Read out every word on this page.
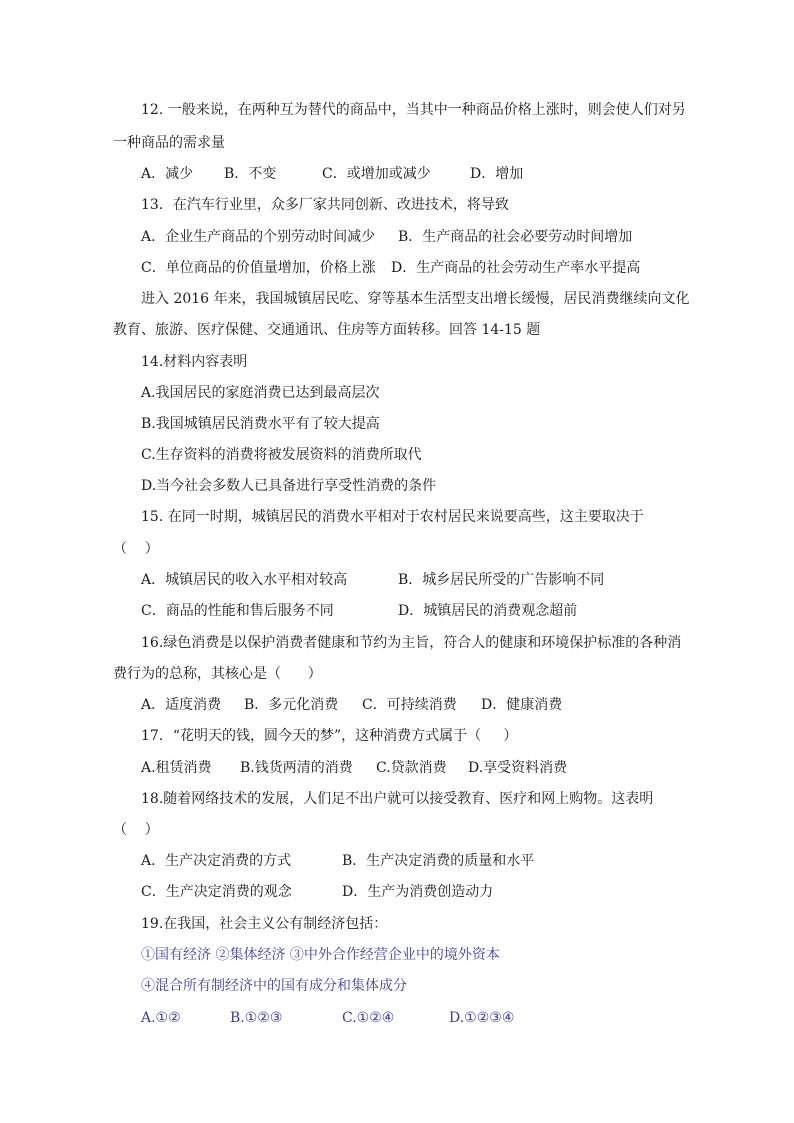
12. 一般来说，在两种互为替代的商品中，当其中一种商品价格上涨时，则会使人们对另
一种商品的需求量
A．减少 B．不变	C．或增加或减少	D．增加
13．在汽车行业里，众多厂家共同创新、改进技术，将导致
A．企业生产商品的个别劳动时间减少 B．生产商品的社会必要劳动时间增加
C．单位商品的价值量增加，价格上涨 D．生产商品的社会劳动生产率水平提高
进入 2016 年来，我国城镇居民吃、穿等基本生活型支出增长缓慢，居民消费继续向文化
教育、旅游、医疗保健、交通通讯、住房等方面转移。回答 14-15 题
14.材料内容表明
A.我国居民的家庭消费已达到最高层次
B.我国城镇居民消费水平有了较大提高
C.生存资料的消费将被发展资料的消费所取代
D.当今社会多数人已具备进行享受性消费的条件
15. 在同一时期，城镇居民的消费水平相对于农村居民来说要高些，这主要取决于
（    ）
A．城镇居民的收入水平相对较高	B．城乡居民所受的广告影响不同
C．商品的性能和售后服务不同	D．城镇居民的消费观念超前
16.绿色消费是以保护消费者健康和节约为主旨，符合人的健康和环境保护标准的各种消
费行为的总称，其核心是（      ）
A．适度消费 B．多元化消费 C．可持续消费 D．健康消费
17．“花明天的钱，圆今天的梦”，这种消费方式属于（     ）
A.租赁消费 B.钱货两清的消费 C.贷款消费 D.享受资料消费
18.随着网络技术的发展，人们足不出户就可以接受教育、医疗和网上购物。这表明
（    ）
A．生产决定消费的方式	B．生产决定消费的质量和水平
C．生产决定消费的观念	D．生产为消费创造动力
19.在我国，社会主义公有制经济包括：
①国有经济 ②集体经济 ③中外合作经营企业中的境外资本
④混合所有制经济中的国有成分和集体成分
A.①②	B.①②③	C.①②④	D.①②③④
